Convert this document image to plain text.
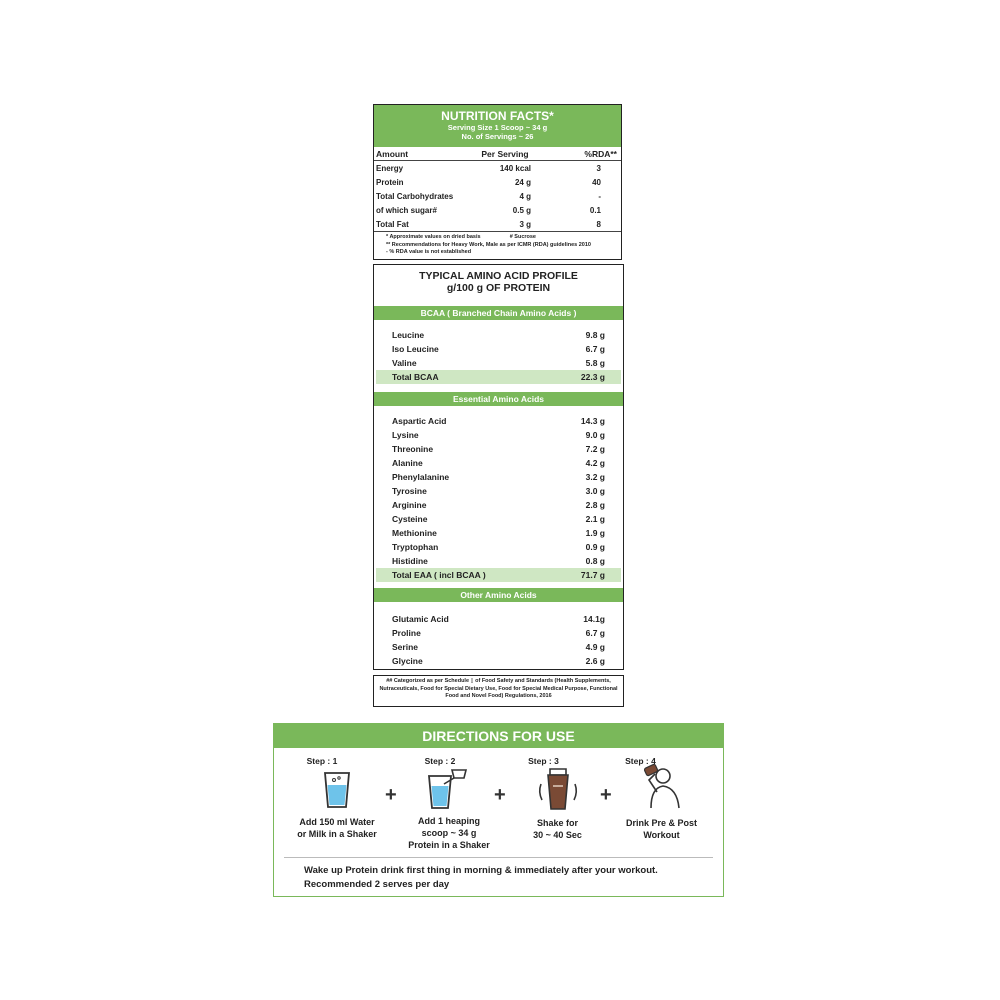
NUTRITION FACTS*
Serving Size 1 Scoop ~ 34 g
No. of Servings ~ 26
Amount	Per Serving	%RDA**
Energy	140 kcal	3
Protein	24 g	40
Total Carbohydrates	4 g	-
of which sugar#	0.5 g	0.1
Total Fat	3 g	8
* Approximate values on dried basis	# Sucrose
** Recommendations for Heavy Work, Male as per ICMR (RDA) guidelines 2010
- % RDA value is not established
TYPICAL AMINO ACID PROFILE
g/100 g OF PROTEIN
BCAA ( Branched Chain Amino Acids )
Leucine	9.8 g
Iso Leucine	6.7 g
Valine	5.8 g
Total BCAA	22.3 g
Essential Amino Acids
Aspartic Acid	14.3 g
Lysine	9.0 g
Threonine	7.2 g
Alanine	4.2 g
Phenylalanine	3.2 g
Tyrosine	3.0 g
Arginine	2.8 g
Cysteine	2.1 g
Methionine	1.9 g
Tryptophan	0.9 g
Histidine	0.8 g
Total EAA ( incl BCAA )	71.7 g
Other Amino Acids
Glutamic Acid	14.1g
Proline	6.7 g
Serine	4.9 g
Glycine	2.6 g
## Categorized as per Schedule ▯ of Food Safety and Standards (Health Supplements, Nutraceuticals, Food for Special Dietary Use, Food for Special Medical Purpose, Functional Food and Novel Food) Regulations, 2016
DIRECTIONS FOR USE
Step : 1
Add 150 ml Water
or Milk in a Shaker
+
Step : 2
Add 1 heaping
scoop ~ 34 g
Protein in a Shaker
+
Step : 3
Shake for
30 ~ 40 Sec
+
Step : 4
Drink Pre & Post
Workout
Wake up Protein drink first thing in morning & immediately after your workout.
Recommended 2 serves per day
